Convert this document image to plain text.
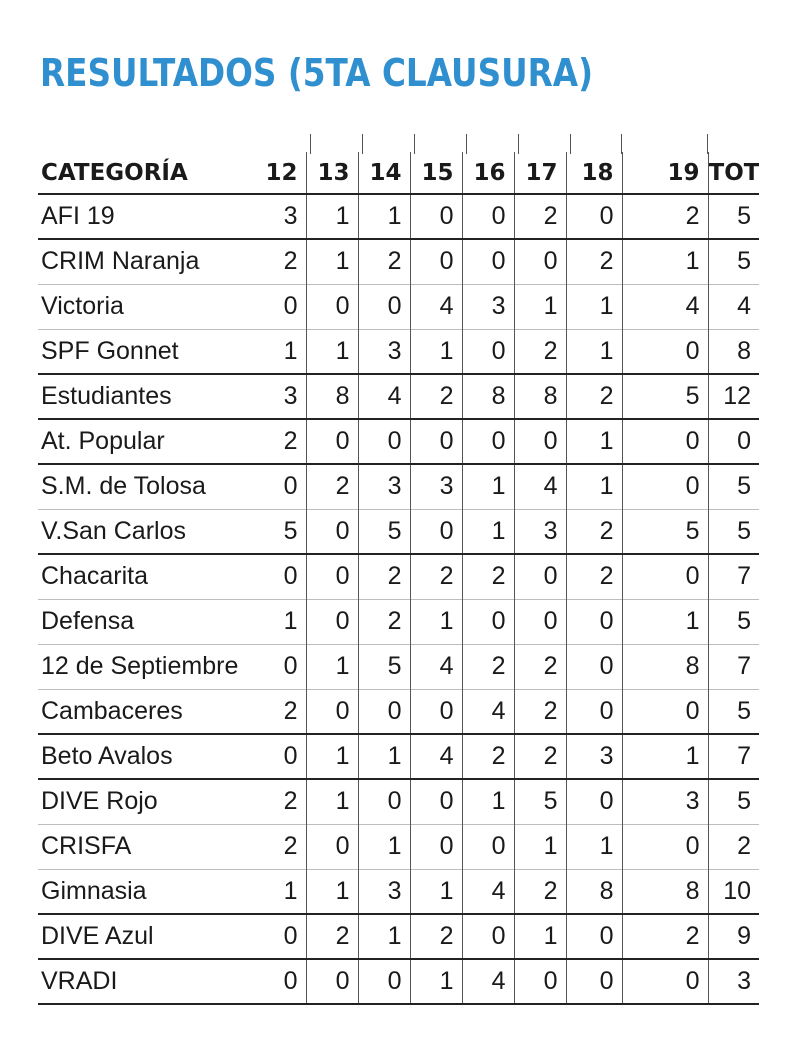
RESULTADOS (5TA CLAUSURA)
CATEGORÍA	12	13	14	15	16	17	18	19	TOT
AFI 19	3	1	1	0	0	2	0	2	5
CRIM Naranja	2	1	2	0	0	0	2	1	5
Victoria	0	0	0	4	3	1	1	4	4
SPF Gonnet	1	1	3	1	0	2	1	0	8
Estudiantes	3	8	4	2	8	8	2	5	12
At. Popular	2	0	0	0	0	0	1	0	0
S.M. de Tolosa	0	2	3	3	1	4	1	0	5
V.San Carlos	5	0	5	0	1	3	2	5	5
Chacarita	0	0	2	2	2	0	2	0	7
Defensa	1	0	2	1	0	0	0	1	5
12 de Septiembre	0	1	5	4	2	2	0	8	7
Cambaceres	2	0	0	0	4	2	0	0	5
Beto Avalos	0	1	1	4	2	2	3	1	7
DIVE Rojo	2	1	0	0	1	5	0	3	5
CRISFA	2	0	1	0	0	1	1	0	2
Gimnasia	1	1	3	1	4	2	8	8	10
DIVE Azul	0	2	1	2	0	1	0	2	9
VRADI	0	0	0	1	4	0	0	0	3
